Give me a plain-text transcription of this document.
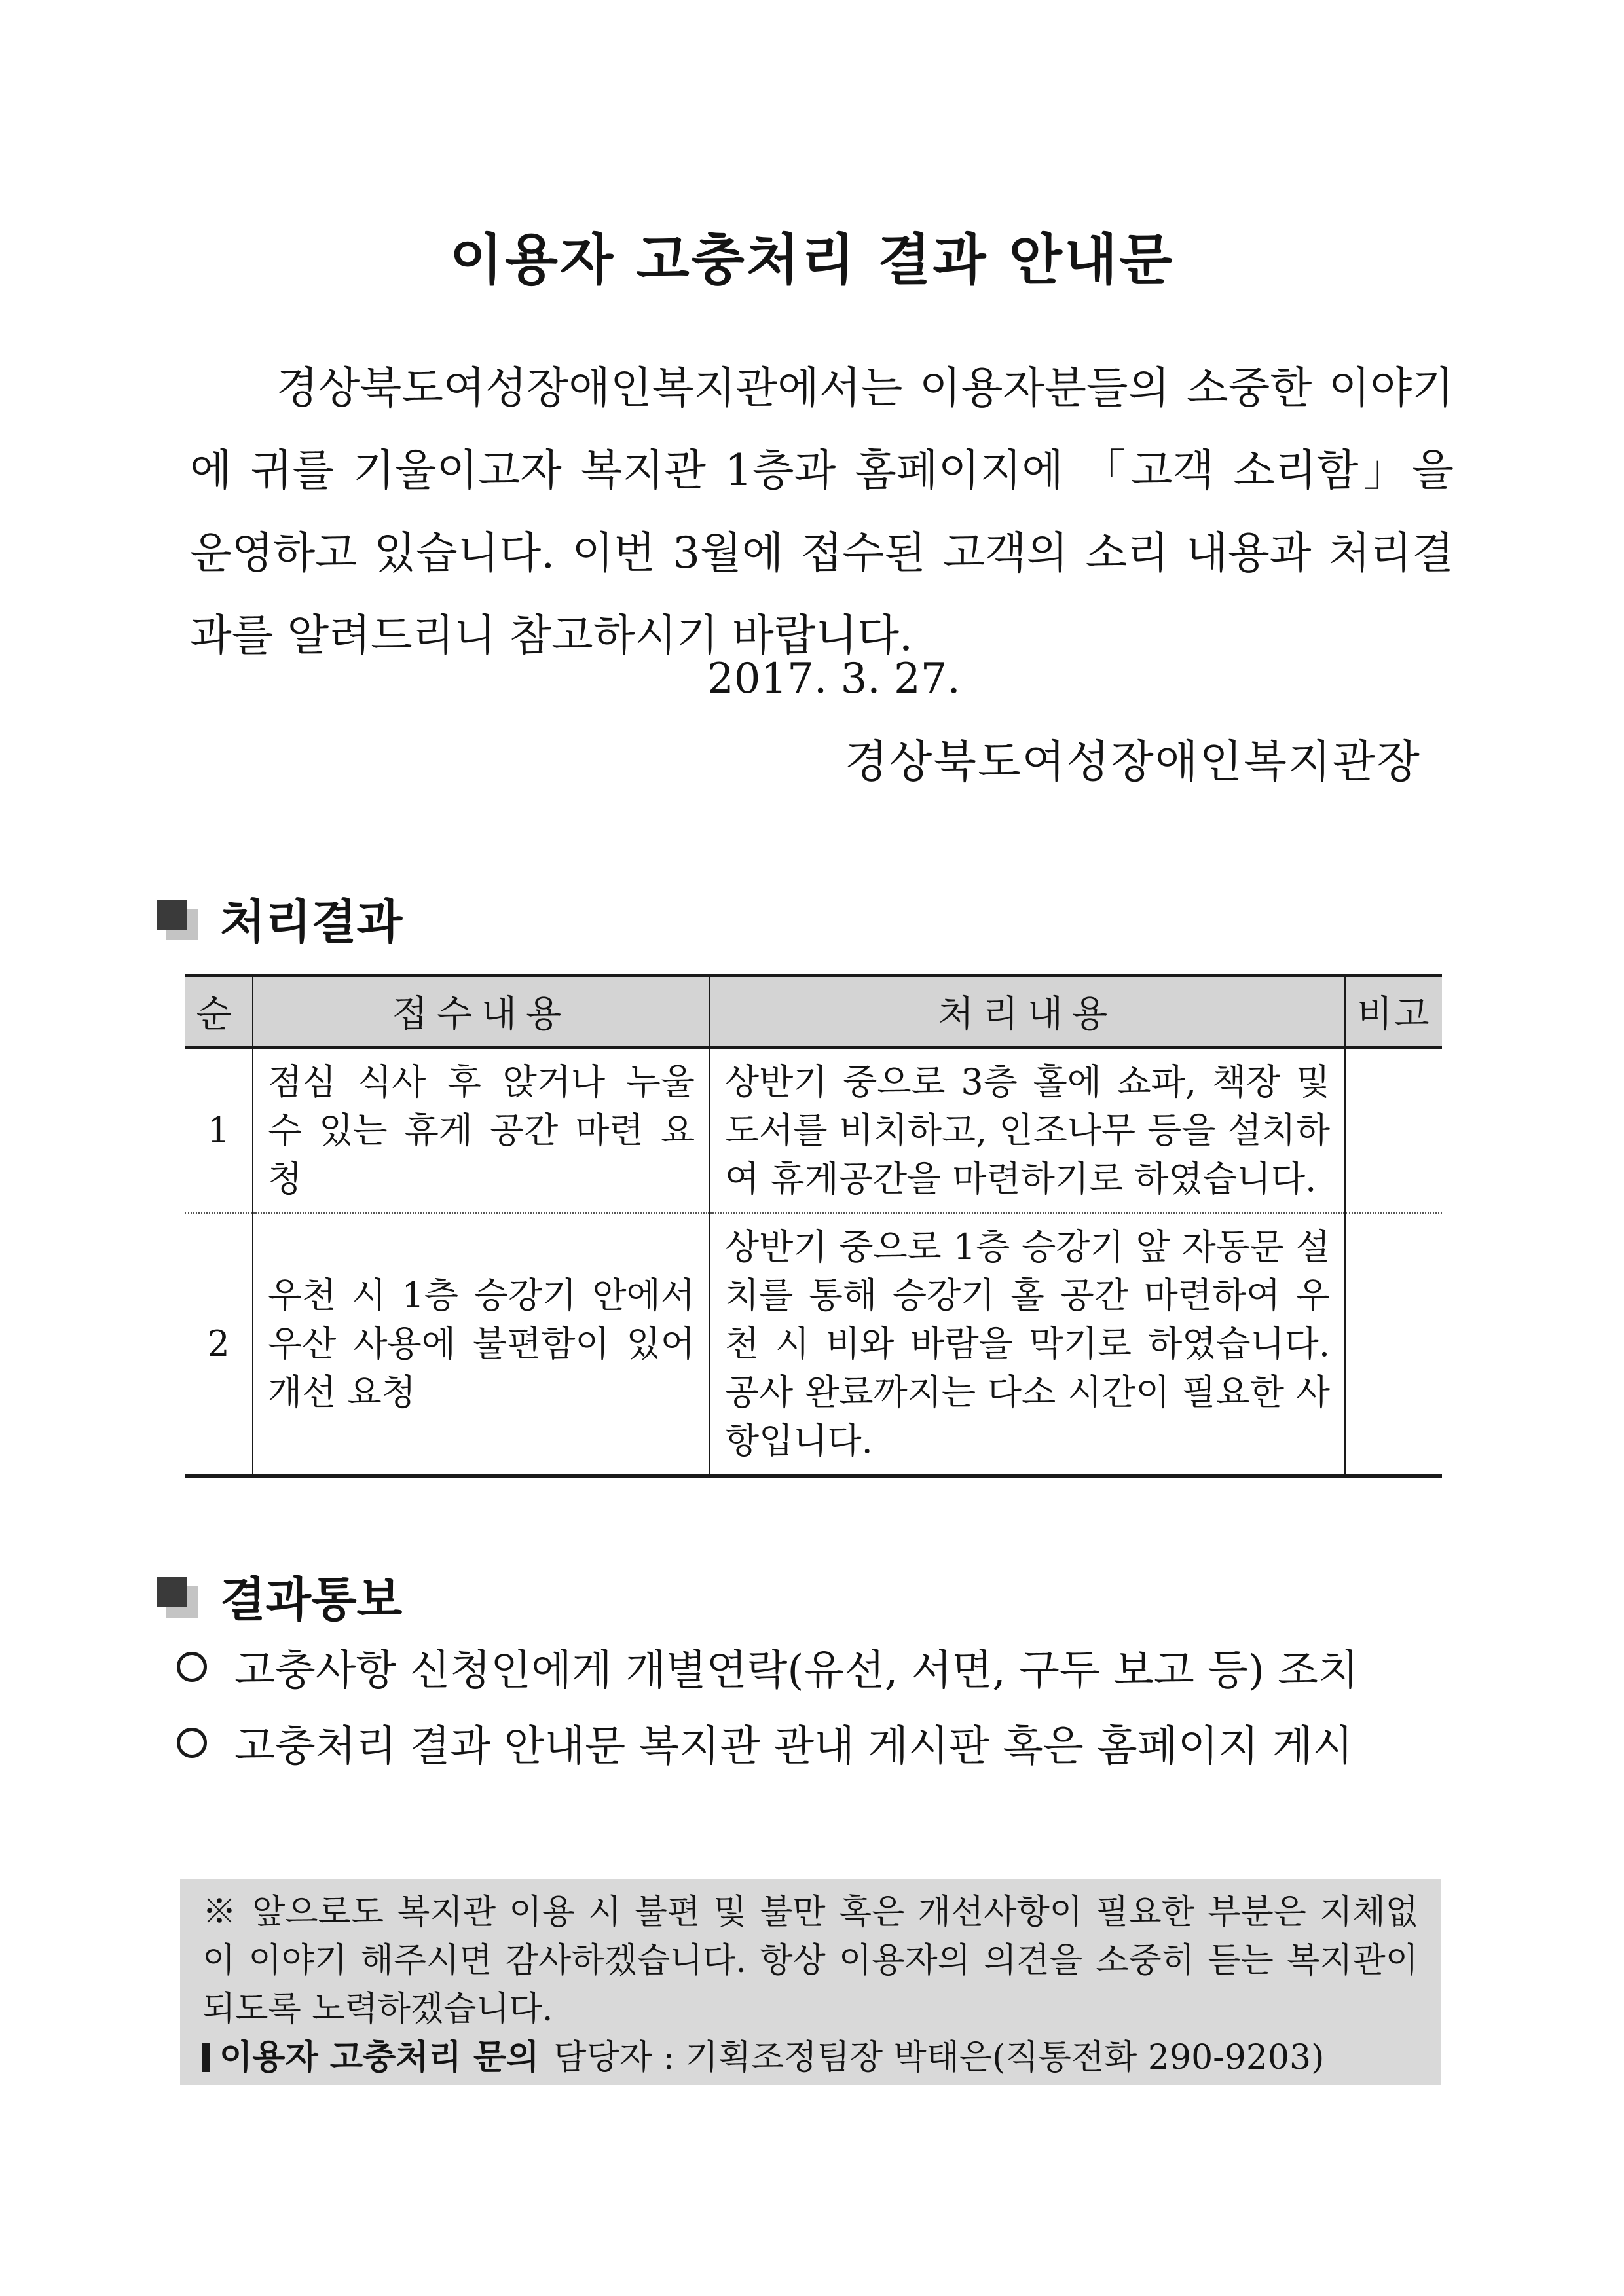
이용자 고충처리 결과 안내문

경상북도여성장애인복지관에서는 이용자분들의 소중한 이야기에 귀를 기울이고자 복지관 1층과 홈페이지에 「고객 소리함」을 운영하고 있습니다. 이번 3월에 접수된 고객의 소리 내용과 처리결과를 알려드리니 참고하시기 바랍니다.

2017. 3. 27.
경상북도여성장애인복지관장
처리결과
순	접수내용	처리내용	비고
1	점심 식사 후 앉거나 누울 수 있는 휴게 공간 마련 요청	상반기 중으로 3층 홀에 쇼파, 책장 및 도서를 비치하고, 인조나무 등을 설치하여 휴게공간을 마련하기로 하였습니다.	
2	우천 시 1층 승강기 안에서 우산 사용에 불편함이 있어 개선 요청	상반기 중으로 1층 승강기 앞 자동문 설치를 통해 승강기 홀 공간 마련하여 우천 시 비와 바람을 막기로 하였습니다. 공사 완료까지는 다소 시간이 필요한 사항입니다.	
결과통보
고충사항 신청인에게 개별연락(유선, 서면, 구두 보고 등) 조치
고충처리 결과 안내문 복지관 관내 게시판 혹은 홈페이지 게시
※ 앞으로도 복지관 이용 시 불편 및 불만 혹은 개선사항이 필요한 부분은 지체없이 이야기 해주시면 감사하겠습니다. 항상 이용자의 의견을 소중히 듣는 복지관이 되도록 노력하겠습니다.
이용자 고충처리 문의 담당자 : 기획조정팀장 박태은(직통전화 290-9203)
